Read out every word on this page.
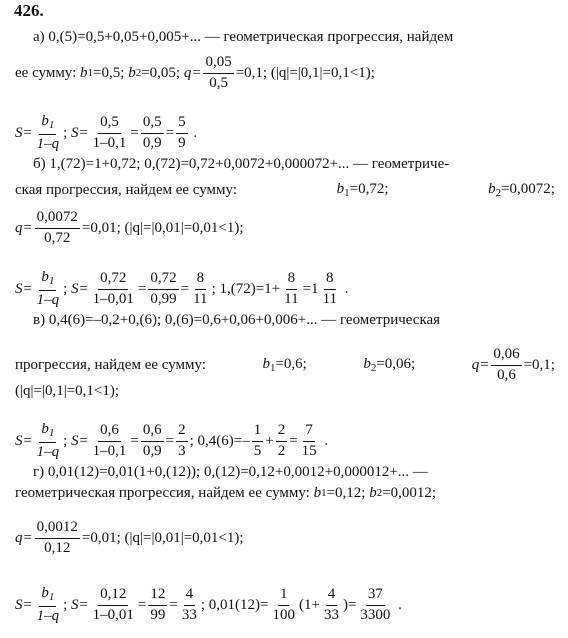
426.
а) 0,(5)=0,5+0,05+0,005+... — геометрическая прогрессия, найдем
ее сумму:
b 1 =0,5;
b 2 =0,05;
$q= \frac{0,05}{0,5} =0,1$; (|q|=|0,1|=0,1<1);
$S= \frac{b_1}{1-q}$ ;
$S= \frac{0,5}{1-0,1} = \frac{0,5}{0,9} = \frac{5}{9}$
.
б) 1,(72)=1+0,72; 0,(72)=0,72+0,0072+0,000072+... — геометриче-
ская прогрессия, найдем ее сумму:	$b_1=0,72$;	$b_2=0,0072$;
$q= \frac{0,0072}{0,72} =0,01$; (|q|=|0,01|=0,01<1);
$S= \frac{b_1}{1-q}$ ;
$S= \frac{0,72}{1-0,01} = \frac{0,72}{0,99} = \frac{8}{11}$ ; $1,(72)=1+ \frac{8}{11} =1 \frac{8}{11}$
.
в) 0,4(6)=–0,2+0,(6); 0,(6)=0,6+0,06+0,006+... — геометрическая
прогрессия, найдем ее сумму:	$b_1=0,6$;	$b_2=0,06$;	$q= \frac{0,06}{0,6} =0,1$;
(|q|=|0,1|=0,1<1);
$S= \frac{b_1}{1-q}$ ;
$S= \frac{0,6}{1-0,1} = \frac{0,6}{0,9} = \frac{2}{3}$ ; $0,4(6)=- \frac{1}{5} + \frac{2}{2} = \frac{7}{15}$
.
г) 0,01(12)=0,01(1+0,(12)); 0,(12)=0,12+0,0012+0,000012+... —
геометрическая прогрессия, найдем ее сумму:
b 1 =0,12;
b 2 =0,0012;
$q= \frac{0,0012}{0,12} =0,01$; (|q|=|0,01|=0,01<1);
$S= \frac{b_1}{1-q}$ ;
$S= \frac{0,12}{1-0,01} = \frac{12}{99} = \frac{4}{33}$ ; $0,01(12)= \frac{1}{100} (1+ \frac{4}{33}$ )= $\frac{37}{3300}$
.
